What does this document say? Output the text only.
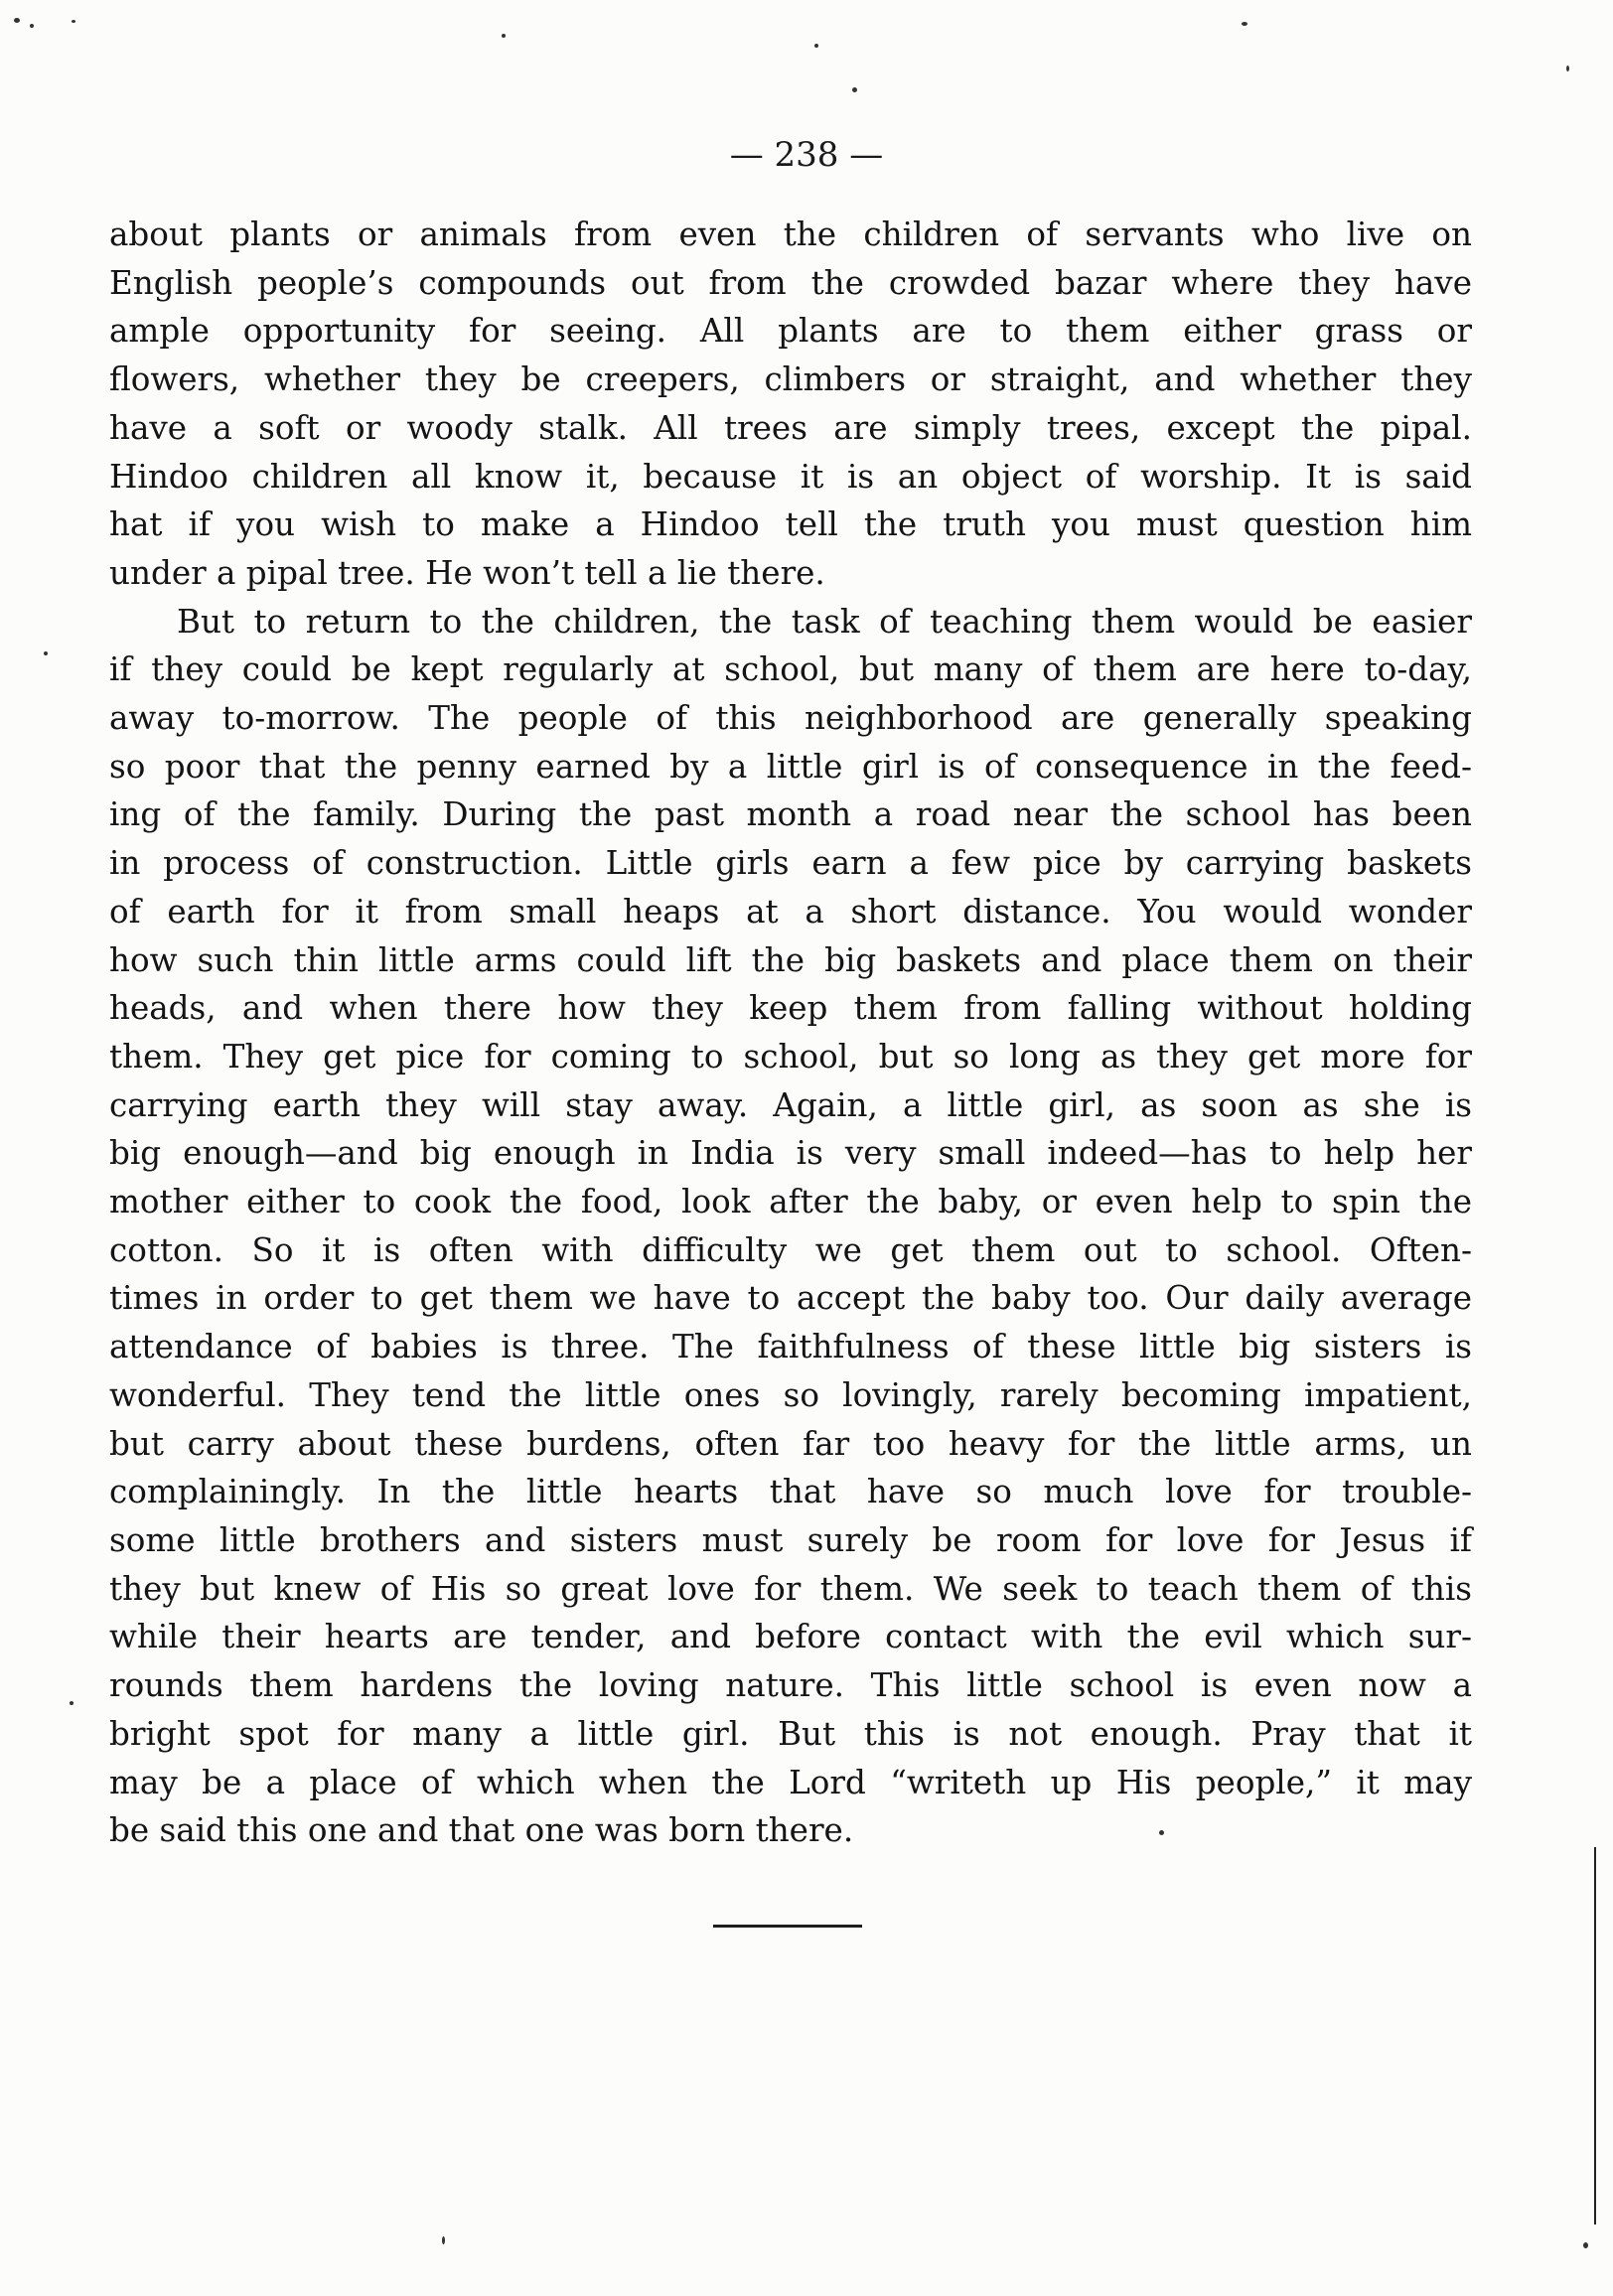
— 238 —
about plants or animals from even the children of servants who live on
English people’s compounds out from the crowded bazar where they have
ample opportunity for seeing. All plants are to them either grass or
flowers, whether they be creepers, climbers or straight, and whether they
have a soft or woody stalk. All trees are simply trees, except the pipal.
Hindoo children all know it, because it is an object of worship. It is said
hat if you wish to make a Hindoo tell the truth you must question him
under a pipal tree. He won’t tell a lie there.
But to return to the children, the task of teaching them would be easier
if they could be kept regularly at school, but many of them are here to-day,
away to-morrow. The people of this neighborhood are generally speaking
so poor that the penny earned by a little girl is of consequence in the feed-
ing of the family. During the past month a road near the school has been
in process of construction. Little girls earn a few pice by carrying baskets
of earth for it from small heaps at a short distance. You would wonder
how such thin little arms could lift the big baskets and place them on their
heads, and when there how they keep them from falling without holding
them. They get pice for coming to school, but so long as they get more for
carrying earth they will stay away. Again, a little girl, as soon as she is
big enough—and big enough in India is very small indeed—has to help her
mother either to cook the food, look after the baby, or even help to spin the
cotton. So it is often with difficulty we get them out to school. Often-
times in order to get them we have to accept the baby too. Our daily average
attendance of babies is three. The faithfulness of these little big sisters is
wonderful. They tend the little ones so lovingly, rarely becoming impatient,
but carry about these burdens, often far too heavy for the little arms, un
complainingly. In the little hearts that have so much love for trouble-
some little brothers and sisters must surely be room for love for Jesus if
they but knew of His so great love for them. We seek to teach them of this
while their hearts are tender, and before contact with the evil which sur-
rounds them hardens the loving nature. This little school is even now a
bright spot for many a little girl. But this is not enough. Pray that it
may be a place of which when the Lord “writeth up His people,” it may
be said this one and that one was born there.
